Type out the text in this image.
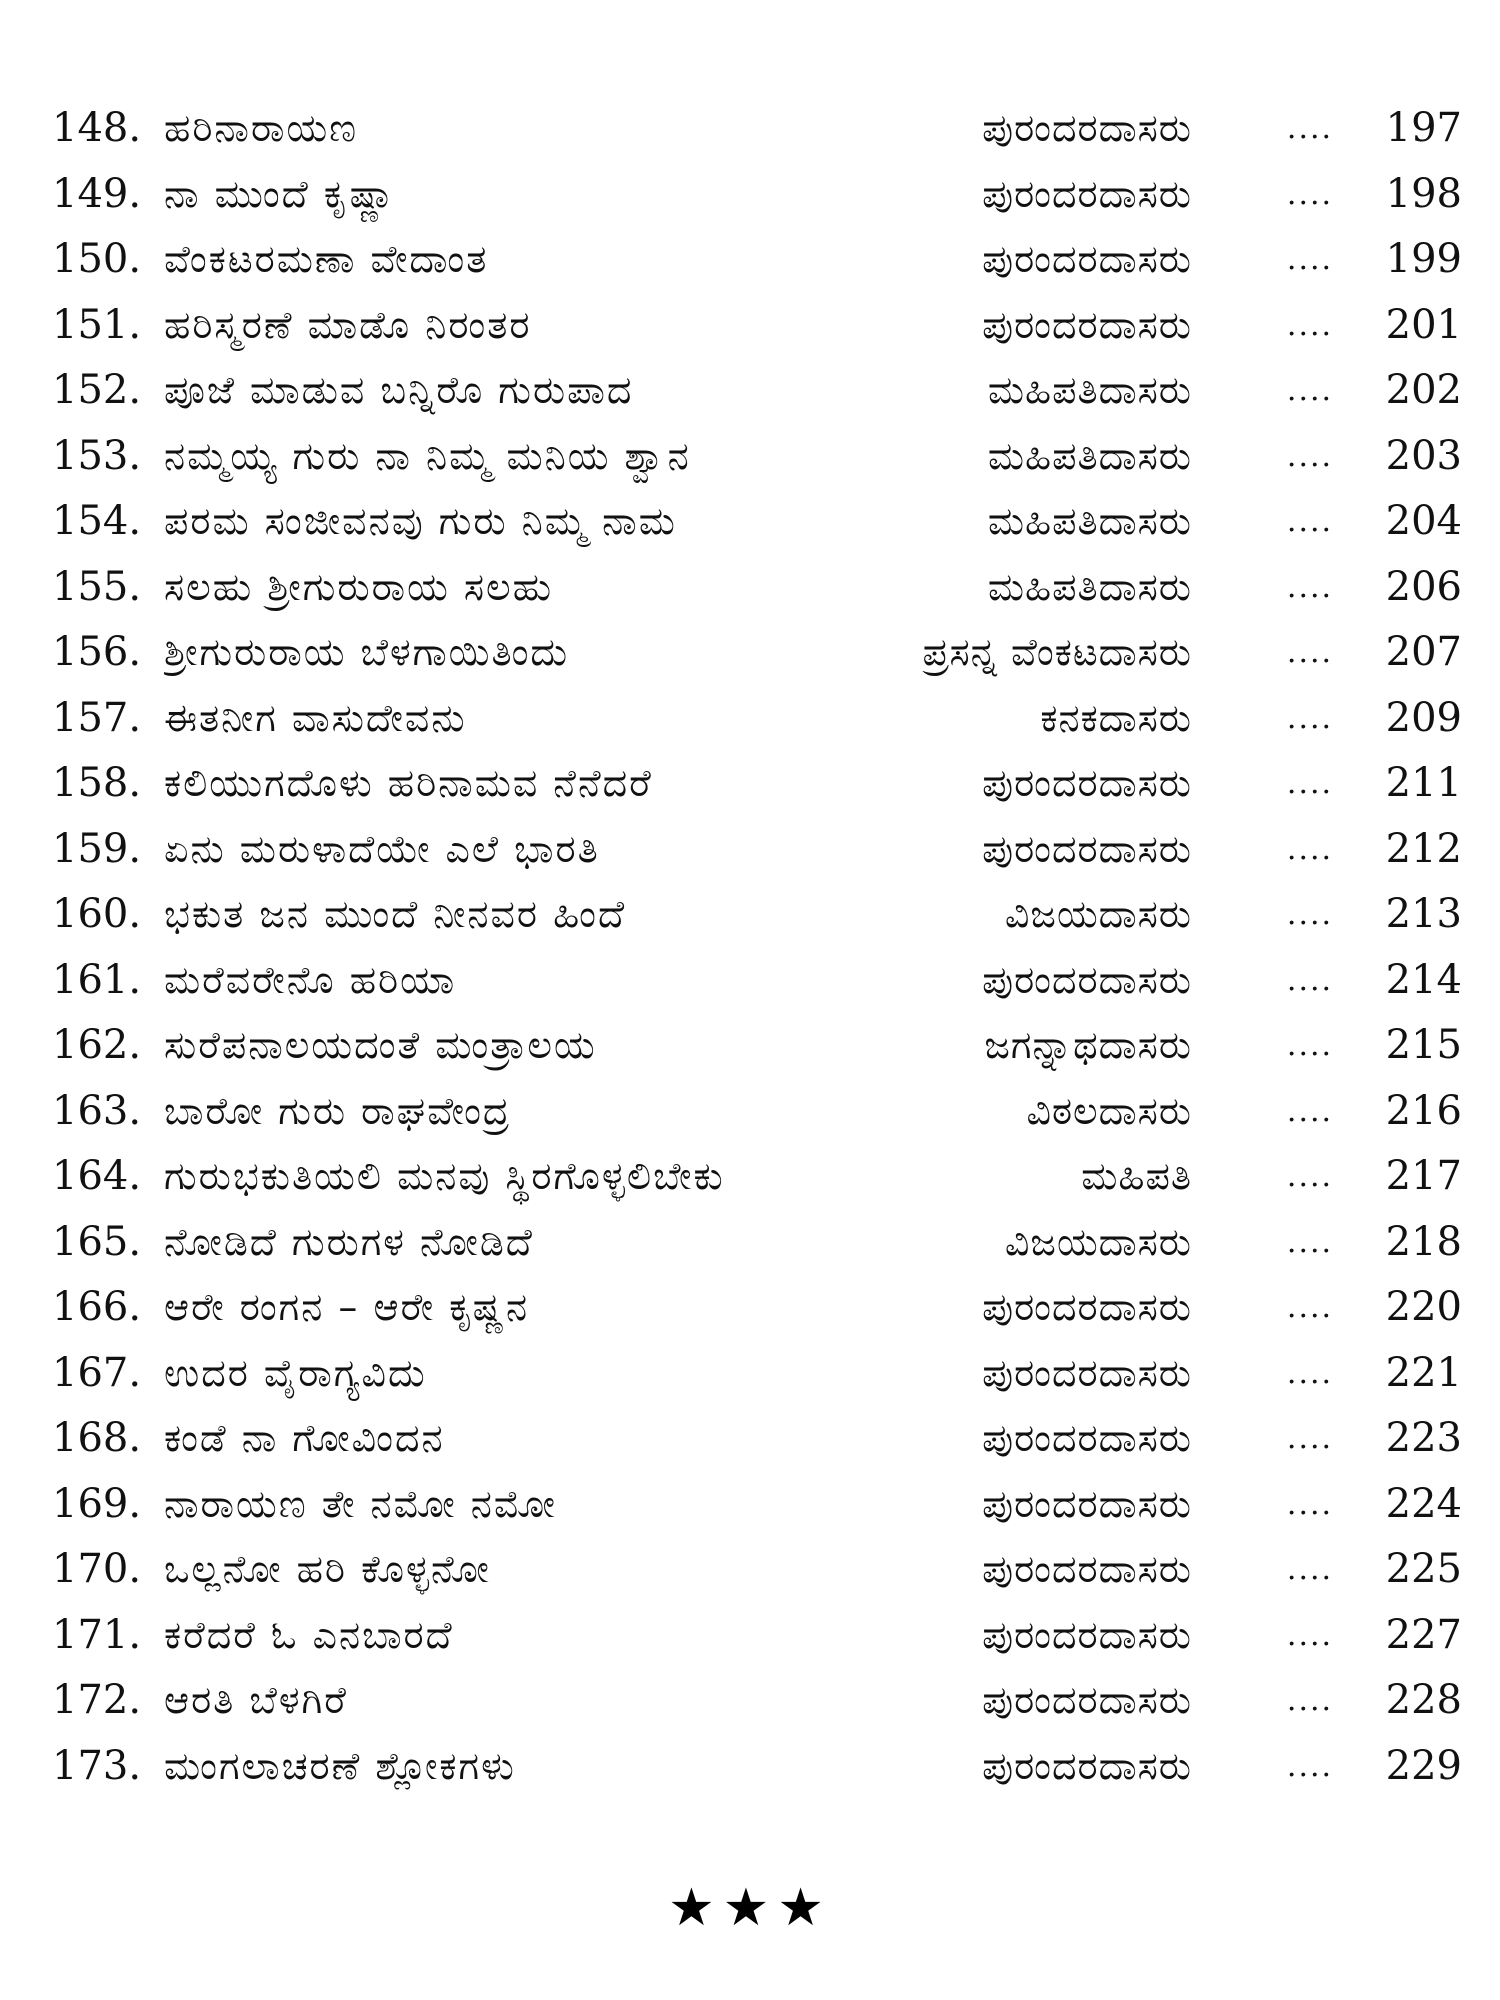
148. ಹರಿನಾರಾಯಣ	ಪುರಂದರದಾಸರು	....	197
149. ನಾ ಮುಂದೆ ಕೃಷ್ಣಾ	ಪುರಂದರದಾಸರು	....	198
150. ವೆಂಕಟರಮಣಾ ವೇದಾಂತ	ಪುರಂದರದಾಸರು	....	199
151. ಹರಿಸ್ಮರಣೆ ಮಾಡೊ ನಿರಂತರ	ಪುರಂದರದಾಸರು	....	201
152. ಪೂಜೆ ಮಾಡುವ ಬನ್ನಿರೊ ಗುರುಪಾದ	ಮಹಿಪತಿದಾಸರು	....	202
153. ನಮ್ಮಯ್ಯ ಗುರು ನಾ ನಿಮ್ಮ ಮನಿಯ ಶ್ವಾನ	ಮಹಿಪತಿದಾಸರು	....	203
154. ಪರಮ ಸಂಜೀವನವು ಗುರು ನಿಮ್ಮ ನಾಮ	ಮಹಿಪತಿದಾಸರು	....	204
155. ಸಲಹು ಶ್ರೀಗುರುರಾಯ ಸಲಹು	ಮಹಿಪತಿದಾಸರು	....	206
156. ಶ್ರೀಗುರುರಾಯ ಬೆಳಗಾಯಿತಿಂದು	ಪ್ರಸನ್ನ ವೆಂಕಟದಾಸರು	....	207
157. ಈತನೀಗ ವಾಸುದೇವನು	ಕನಕದಾಸರು	....	209
158. ಕಲಿಯುಗದೊಳು ಹರಿನಾಮವ ನೆನೆದರೆ	ಪುರಂದರದಾಸರು	....	211
159. ಏನು ಮರುಳಾದೆಯೇ ಎಲೆ ಭಾರತಿ	ಪುರಂದರದಾಸರು	....	212
160. ಭಕುತ ಜನ ಮುಂದೆ ನೀನವರ ಹಿಂದೆ	ವಿಜಯದಾಸರು	....	213
161. ಮರೆವರೇನೊ ಹರಿಯಾ	ಪುರಂದರದಾಸರು	....	214
162. ಸುರೆಪನಾಲಯದಂತೆ ಮಂತ್ರಾಲಯ	ಜಗನ್ನಾಥದಾಸರು	....	215
163. ಬಾರೋ ಗುರು ರಾಘವೇಂದ್ರ	ವಿಠಲದಾಸರು	....	216
164. ಗುರುಭಕುತಿಯಲಿ ಮನವು ಸ್ಥಿರಗೊಳ್ಳಲಿಬೇಕು	ಮಹಿಪತಿ	....	217
165. ನೋಡಿದೆ ಗುರುಗಳ ನೋಡಿದೆ	ವಿಜಯದಾಸರು	....	218
166. ಆರೇ ರಂಗನ – ಆರೇ ಕೃಷ್ಣನ	ಪುರಂದರದಾಸರು	....	220
167. ಉದರ ವೈರಾಗ್ಯವಿದು	ಪುರಂದರದಾಸರು	....	221
168. ಕಂಡೆ ನಾ ಗೋವಿಂದನ	ಪುರಂದರದಾಸರು	....	223
169. ನಾರಾಯಣ ತೇ ನಮೋ ನಮೋ	ಪುರಂದರದಾಸರು	....	224
170. ಒಲ್ಲನೋ ಹರಿ ಕೊಳ್ಳನೋ	ಪುರಂದರದಾಸರು	....	225
171. ಕರೆದರೆ ಓ ಎನಬಾರದೆ	ಪುರಂದರದಾಸರು	....	227
172. ಆರತಿ ಬೆಳಗಿರೆ	ಪುರಂದರದಾಸರು	....	228
173. ಮಂಗಲಾಚರಣೆ ಶ್ಲೋಕಗಳು	ಪುರಂದರದಾಸರು	....	229
★★★
